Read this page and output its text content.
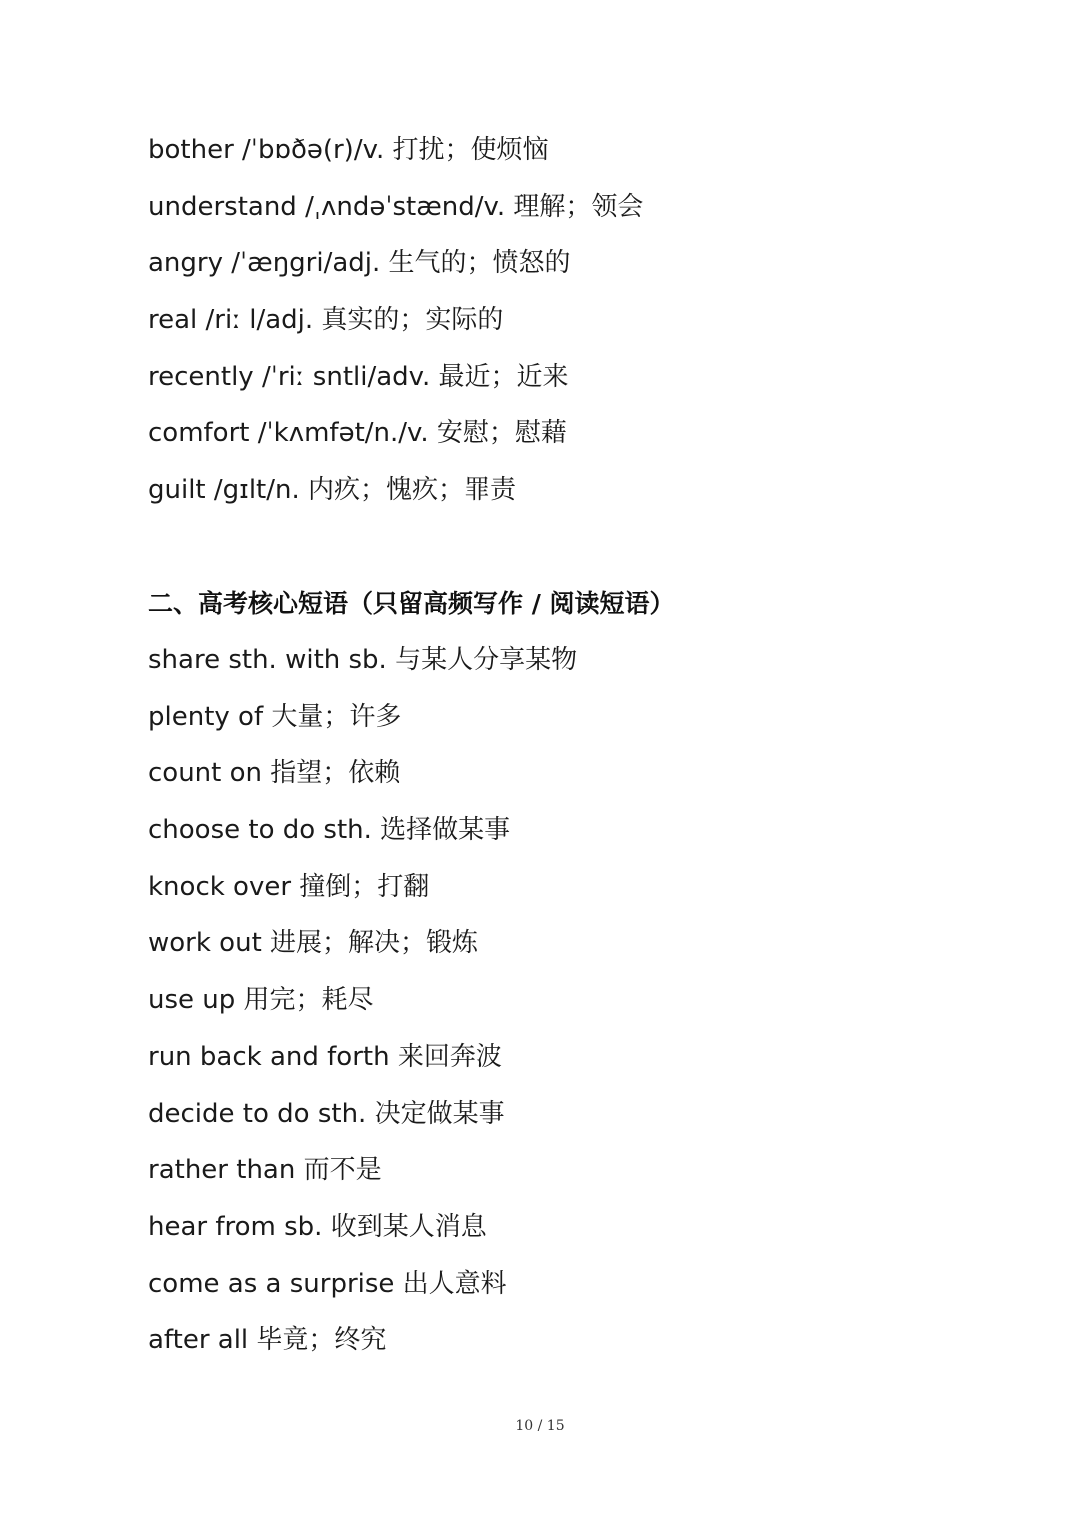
bother /ˈbɒðə(r)/v. 打扰；使烦恼
understand /ˌʌndəˈstænd/v. 理解；领会
angry /ˈæŋgri/adj. 生气的；愤怒的
real /riː l/adj. 真实的；实际的
recently /ˈriː sntli/adv. 最近；近来
comfort /ˈkʌmfət/n./v. 安慰；慰藉
guilt /gɪlt/n. 内疚；愧疚；罪责
二、高考核心短语（只留高频写作 / 阅读短语）
share sth. with sb. 与某人分享某物
plenty of 大量；许多
count on 指望；依赖
choose to do sth. 选择做某事
knock over 撞倒；打翻
work out 进展；解决；锻炼
use up 用完；耗尽
run back and forth 来回奔波
decide to do sth. 决定做某事
rather than 而不是
hear from sb. 收到某人消息
come as a surprise 出人意料
after all 毕竟；终究
10 / 15
